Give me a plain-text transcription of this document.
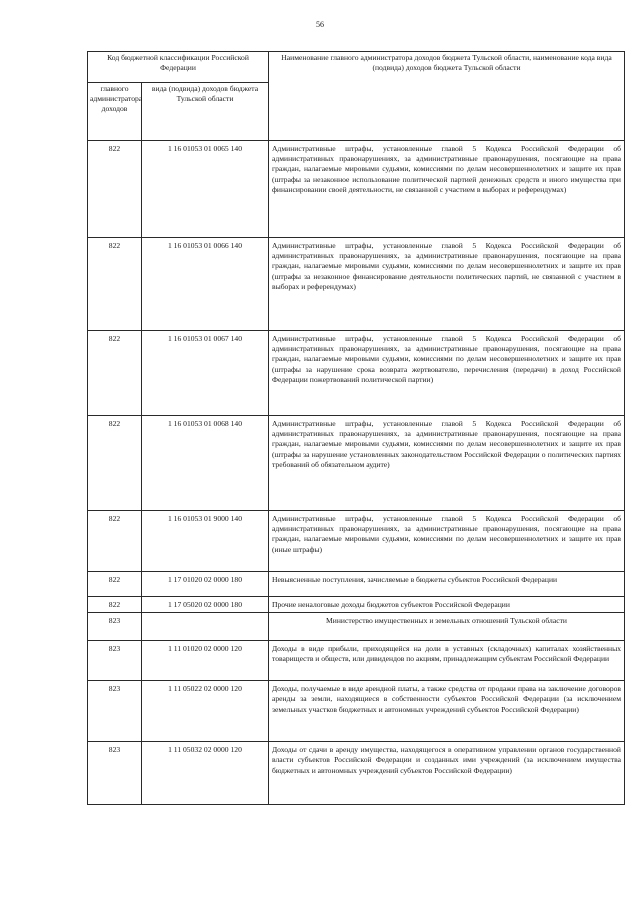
56
Код бюджетной классификации Российской Федерации		Наименование главного администратора доходов бюджета Тульской области, наименование кода вида (подвида) доходов бюджета Тульской области
главного администратора доходов	вида (подвида) доходов бюджета Тульской области	
822	1 16 01053 01 0065 140	Административные штрафы, установленные главой 5 Кодекса Российской Федерации об административных правонарушениях, за административные правонарушения, посягающие на права граждан, налагаемые мировыми судьями, комиссиями по делам несовершеннолетних и защите их прав (штрафы за незаконное использование политической партией денежных средств и иного имущества при финансировании своей деятельности, не связанной с участием в выборах и референдумах)
822	1 16 01053 01 0066 140	Административные штрафы, установленные главой 5 Кодекса Российской Федерации об административных правонарушениях, за административные правонарушения, посягающие на права граждан, налагаемые мировыми судьями, комиссиями по делам несовершеннолетних и защите их прав (штрафы за незаконное финансирование деятельности политических партий, не связанной с участием в выборах и референдумах)
822	1 16 01053 01 0067 140	Административные штрафы, установленные главой 5 Кодекса Российской Федерации об административных правонарушениях, за административные правонарушения, посягающие на права граждан, налагаемые мировыми судьями, комиссиями по делам несовершеннолетних и защите их прав (штрафы за нарушение срока возврата жертвователю, перечисления (передачи) в доход Российской Федерации пожертвований политической партии)
822	1 16 01053 01 0068 140	Административные штрафы, установленные главой 5 Кодекса Российской Федерации об административных правонарушениях, за административные правонарушения, посягающие на права граждан, налагаемые мировыми судьями, комиссиями по делам несовершеннолетних и защите их прав (штрафы за нарушение установленных законодательством Российской Федерации о политических партиях требований об обязательном аудите)
822	1 16 01053 01 9000 140	Административные штрафы, установленные главой 5 Кодекса Российской Федерации об административных правонарушениях, за административные правонарушения, посягающие на права граждан, налагаемые мировыми судьями, комиссиями по делам несовершеннолетних и защите их прав (иные штрафы)
822	1 17 01020 02 0000 180	Невыясненные поступления, зачисляемые в бюджеты субъектов Российской Федерации
822	1 17 05020 02 0000 180	Прочие неналоговые доходы бюджетов субъектов Российской Федерации
823		Министерство имущественных и земельных отношений Тульской области
823	1 11 01020 02 0000 120	Доходы в виде прибыли, приходящейся на доли в уставных (складочных) капиталах хозяйственных товариществ и обществ, или дивидендов по акциям, принадлежащим субъектам Российской Федерации
823	1 11 05022 02 0000 120	Доходы, получаемые в виде арендной платы, а также средства от продажи права на заключение договоров аренды за земли, находящиеся в собственности субъектов Российской Федерации (за исключением земельных участков бюджетных и автономных учреждений субъектов Российской Федерации)
823	1 11 05032 02 0000 120	Доходы от сдачи в аренду имущества, находящегося в оперативном управлении органов государственной власти субъектов Российской Федерации и созданных ими учреждений (за исключением имущества бюджетных и автономных учреждений субъектов Российской Федерации)
